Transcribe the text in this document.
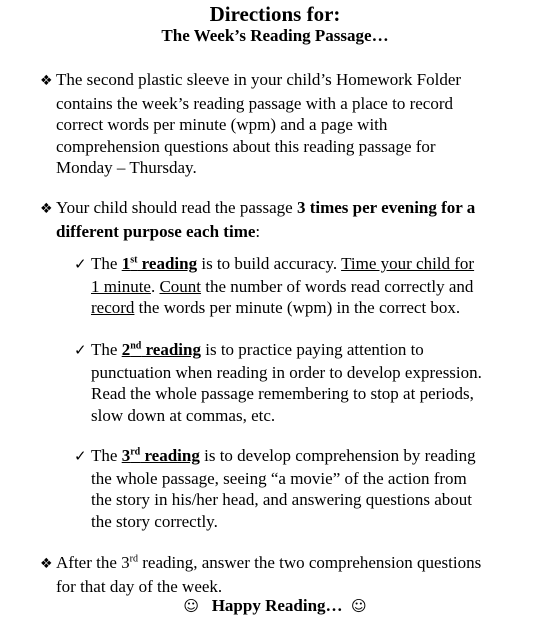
Directions for:
The Week’s Reading Passage…
❖ The second plastic sleeve in your child’s Homework Folder
contains the week’s reading passage with a place to record
correct words per minute (wpm) and a page with
comprehension questions about this reading passage for
Monday – Thursday.
❖ Your child should read the passage 3 times per evening for a
different purpose each time:
✓ The 1st reading is to build accuracy. Time your child for
1 minute. Count the number of words read correctly and
record the words per minute (wpm) in the correct box.
✓ The 2nd reading is to practice paying attention to
punctuation when reading in order to develop expression.
Read the whole passage remembering to stop at periods,
slow down at commas, etc.
✓ The 3rd reading is to develop comprehension by reading
the whole passage, seeing “a movie” of the action from
the story in his/her head, and answering questions about
the story correctly.
❖ After the 3rd reading, answer the two comprehension questions
for that day of the week.
☺ Happy Reading… ☺
